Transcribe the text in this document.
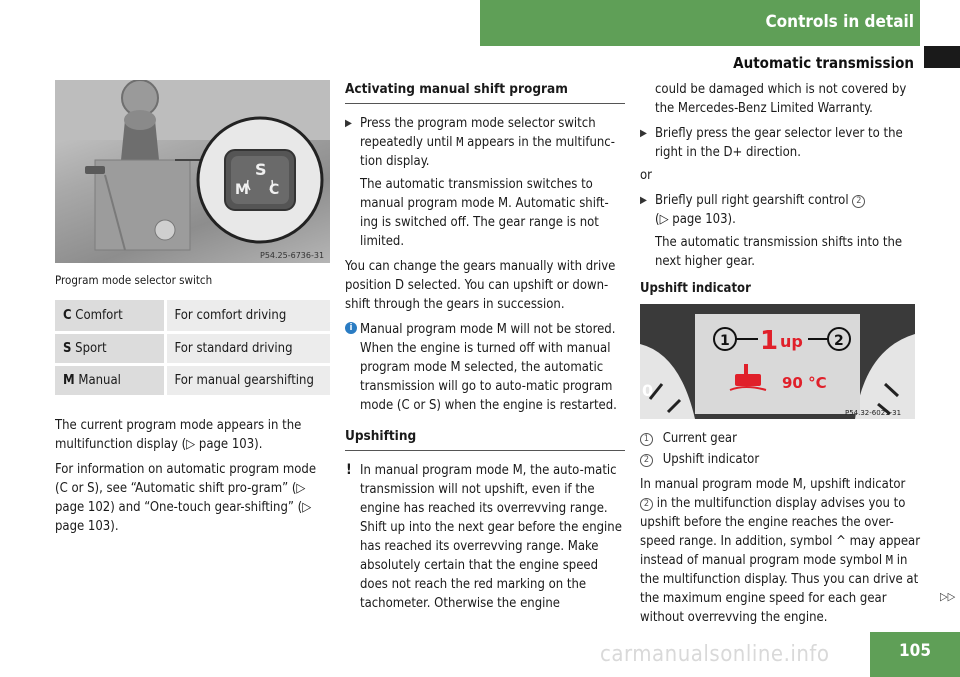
Controls in detail
Automatic transmission
S
M C
P54.25-6736-31
Program mode selector switch
C Comfort	For comfort driving
S Sport	For standard driving
M Manual	For manual gearshifting

The current program mode appears in the multifunction display (▷ page 103).

For information on automatic program mode (C or S), see “Automatic shift pro-gram” (▷ page 102) and “One-touch gear-shifting” (▷ page 103).

Activating manual shift program
▶ Press the program mode selector switch repeatedly until M appears in the multifunc-tion display.
The automatic transmission switches to manual program mode M. Automatic shift-ing is switched off. The gear range is not limited.

You can change the gears manually with drive position D selected. You can upshift or down-shift through the gears in succession.

i Manual program mode M will not be stored. When the engine is turned off with manual program mode M selected, the automatic transmission will go to auto-matic program mode (C or S) when the engine is restarted.
Upshifting
! In manual program mode M, the auto-matic transmission will not upshift, even if the engine has reached its overrevving range. Shift up into the next gear before the engine has reached its overrevving range. Make absolutely certain that the engine speed does not reach the red marking on the tachometer. Otherwise the engine
could be damaged which is not covered by the Mercedes-Benz Limited Warranty.
▶ Briefly press the gear selector lever to the right in the D+ direction.

or

▶ Briefly pull right gearshift control 2
(▷ page 103).
The automatic transmission shifts into the next higher gear.

Upshift indicator

0
1 1 up 2
90 °C
P54.32-6021-31
1 Current gear
2 Upshift indicator

In manual program mode M, upshift indicator 2 in the multifunction display advises you to upshift before the engine reaches the over-speed range. In addition, symbol ^ may appear instead of manual program mode symbol M in the multifunction display. Thus you can drive at the maximum engine speed for each gear without overrevving the engine.

▷▷
carmanualsonline.info	105
